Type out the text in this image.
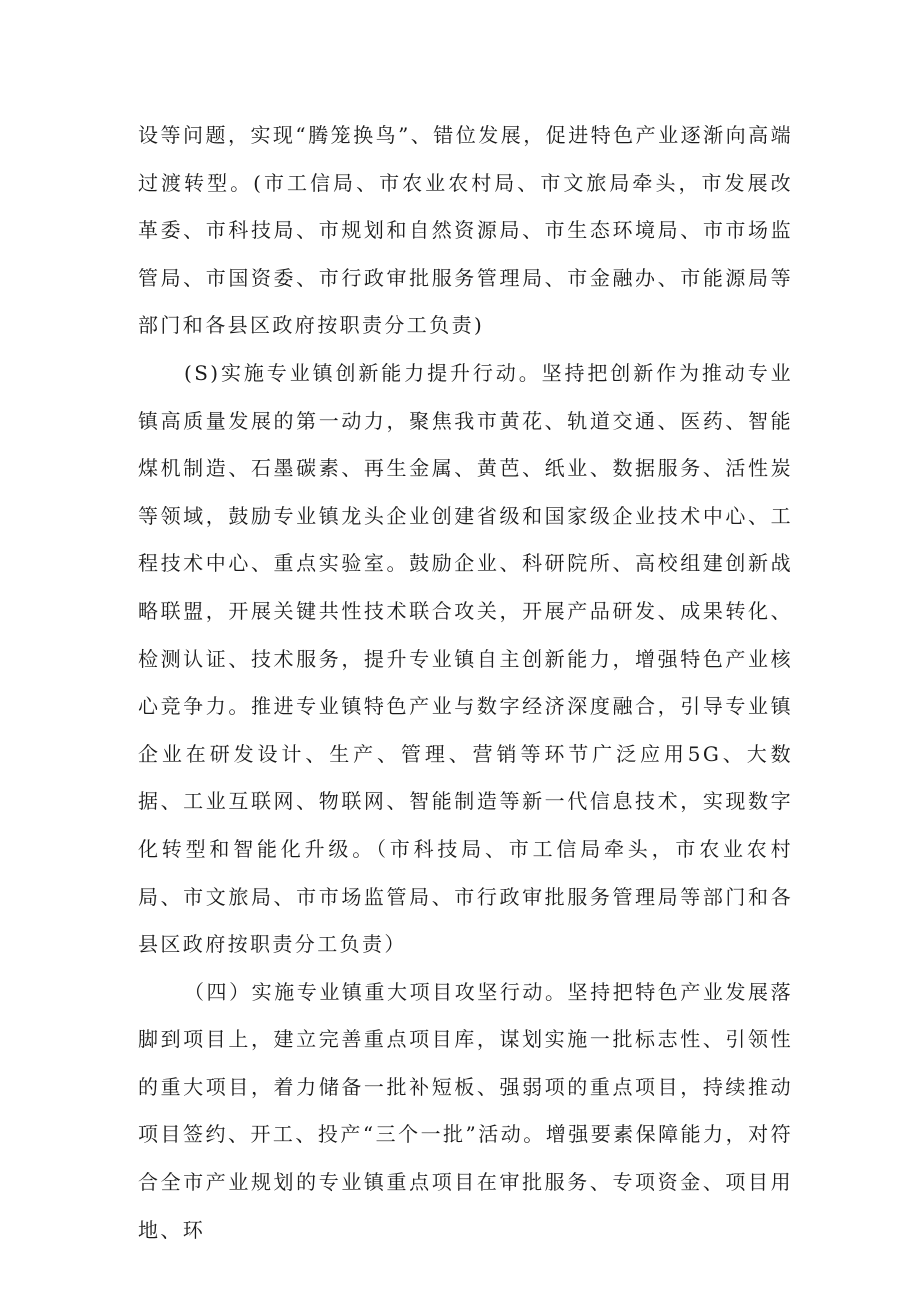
设等问题，实现“腾笼换鸟”、错位发展，促进特色产业逐渐向高端过渡转型。(市工信局、市农业农村局、市文旅局牵头，市发展改革委、市科技局、市规划和自然资源局、市生态环境局、市市场监管局、市国资委、市行政审批服务管理局、市金融办、市能源局等部门和各县区政府按职责分工负责)

(S)实施专业镇创新能力提升行动。坚持把创新作为推动专业镇高质量发展的第一动力，聚焦我市黄花、轨道交通、医药、智能煤机制造、石墨碳素、再生金属、黄芭、纸业、数据服务、活性炭等领域，鼓励专业镇龙头企业创建省级和国家级企业技术中心、工程技术中心、重点实验室。鼓励企业、科研院所、高校组建创新战略联盟，开展关键共性技术联合攻关，开展产品研发、成果转化、检测认证、技术服务，提升专业镇自主创新能力，增强特色产业核心竞争力。推进专业镇特色产业与数字经济深度融合，引导专业镇企业在研发设计、生产、管理、营销等环节广泛应用5G、大数据、工业互联网、物联网、智能制造等新一代信息技术，实现数字化转型和智能化升级。（市科技局、市工信局牵头，市农业农村局、市文旅局、市市场监管局、市行政审批服务管理局等部门和各县区政府按职责分工负责）

（四）实施专业镇重大项目攻坚行动。坚持把特色产业发展落脚到项目上，建立完善重点项目库，谋划实施一批标志性、引领性的重大项目，着力储备一批补短板、强弱项的重点项目，持续推动项目签约、开工、投产“三个一批”活动。增强要素保障能力，对符合全市产业规划的专业镇重点项目在审批服务、专项资金、项目用地、环
